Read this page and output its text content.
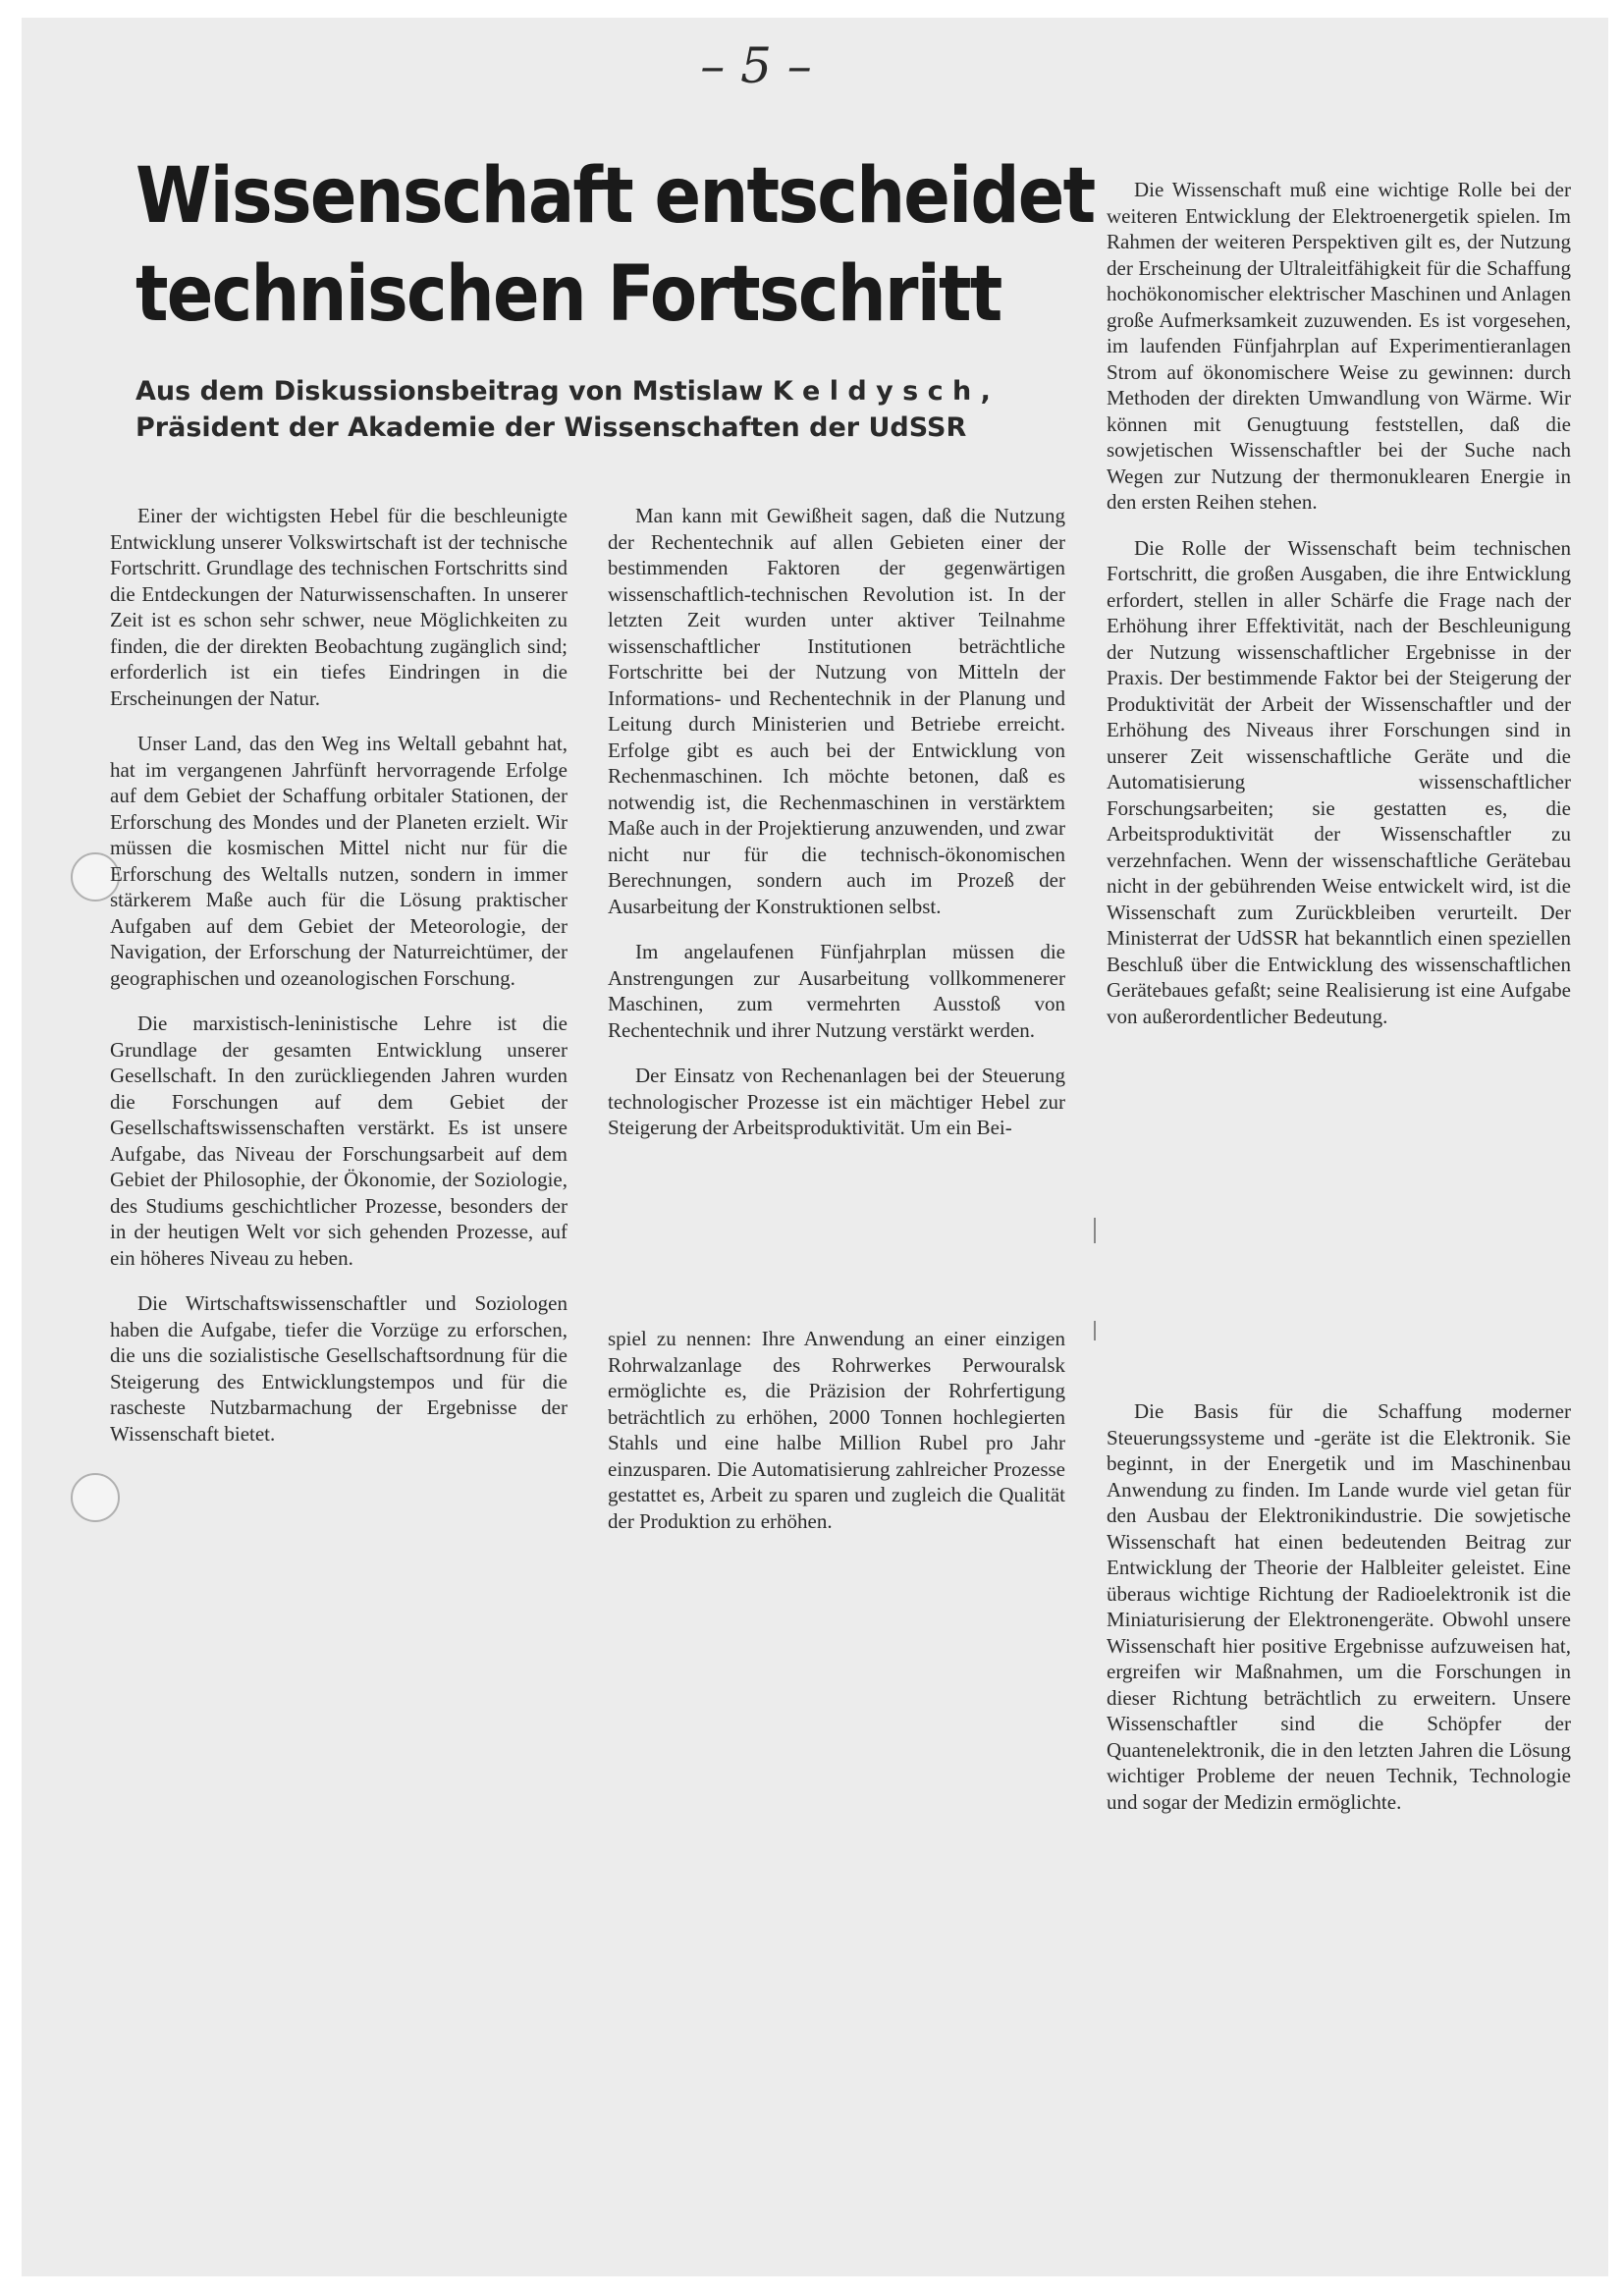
– 5 –
Wissenschaft entscheidet
technischen Fortschritt
Aus dem Diskussionsbeitrag von Mstislaw K e l d y s c h ,
Präsident der Akademie der Wissenschaften der UdSSR

Einer der wichtigsten Hebel für die beschleunigte Entwicklung unserer Volkswirtschaft ist der technische Fortschritt. Grundlage des technischen Fortschritts sind die Entdeckungen der Naturwissenschaften. In unserer Zeit ist es schon sehr schwer, neue Möglichkeiten zu finden, die der direkten Beobachtung zugänglich sind; erforderlich ist ein tiefes Eindringen in die Erscheinungen der Natur.

Unser Land, das den Weg ins Weltall gebahnt hat, hat im vergangenen Jahrfünft hervorragende Erfolge auf dem Gebiet der Schaffung orbitaler Stationen, der Erforschung des Mondes und der Planeten erzielt. Wir müssen die kosmischen Mittel nicht nur für die Erforschung des Weltalls nutzen, sondern in immer stärkerem Maße auch für die Lösung praktischer Aufgaben auf dem Gebiet der Meteorologie, der Navigation, der Erforschung der Naturreichtümer, der geographischen und ozeanologischen Forschung.

Die marxistisch-leninistische Lehre ist die Grundlage der gesamten Entwicklung unserer Gesellschaft. In den zurückliegenden Jahren wurden die Forschungen auf dem Gebiet der Gesellschaftswissenschaften verstärkt. Es ist unsere Aufgabe, das Niveau der Forschungsarbeit auf dem Gebiet der Philosophie, der Ökonomie, der Soziologie, des Studiums geschichtlicher Prozesse, besonders der in der heutigen Welt vor sich gehenden Prozesse, auf ein höheres Niveau zu heben.

Die Wirtschaftswissenschaftler und Soziologen haben die Aufgabe, tiefer die Vorzüge zu erforschen, die uns die sozialistische Gesellschaftsordnung für die Steigerung des Entwicklungstempos und für die rascheste Nutzbarmachung der Ergebnisse der Wissenschaft bietet.

Man kann mit Gewißheit sagen, daß die Nutzung der Rechentechnik auf allen Gebieten einer der bestimmenden Faktoren der gegenwärtigen wissenschaftlich-technischen Revolution ist. In der letzten Zeit wurden unter aktiver Teilnahme wissenschaftlicher Institutionen beträchtliche Fortschritte bei der Nutzung von Mitteln der Informations- und Rechentechnik in der Planung und Leitung durch Ministerien und Betriebe erreicht. Erfolge gibt es auch bei der Entwicklung von Rechenmaschinen. Ich möchte betonen, daß es notwendig ist, die Rechenmaschinen in verstärktem Maße auch in der Projektierung anzuwenden, und zwar nicht nur für die technisch-ökonomischen Berechnungen, sondern auch im Prozeß der Ausarbeitung der Konstruktionen selbst.

Im angelaufenen Fünfjahrplan müssen die Anstrengungen zur Ausarbeitung vollkommenerer Maschinen, zum vermehrten Ausstoß von Rechentechnik und ihrer Nutzung verstärkt werden.

Der Einsatz von Rechenanlagen bei der Steuerung technologischer Prozesse ist ein mächtiger Hebel zur Steigerung der Arbeitsproduktivität. Um ein Bei-

spiel zu nennen: Ihre Anwendung an einer einzigen Rohrwalzanlage des Rohrwerkes Perwouralsk ermöglichte es, die Präzision der Rohrfertigung beträchtlich zu erhöhen, 2000 Tonnen hochlegierten Stahls und eine halbe Million Rubel pro Jahr einzusparen. Die Automatisierung zahlreicher Prozesse gestattet es, Arbeit zu sparen und zugleich die Qualität der Produktion zu erhöhen.

Die Wissenschaft muß eine wichtige Rolle bei der weiteren Entwicklung der Elektroenergetik spielen. Im Rahmen der weiteren Perspektiven gilt es, der Nutzung der Erscheinung der Ultraleitfähigkeit für die Schaffung hochökonomischer elektrischer Maschinen und Anlagen große Aufmerksamkeit zuzuwenden. Es ist vorgesehen, im laufenden Fünfjahrplan auf Experimentieranlagen Strom auf ökonomischere Weise zu gewinnen: durch Methoden der direkten Umwandlung von Wärme. Wir können mit Genugtuung feststellen, daß die sowjetischen Wissenschaftler bei der Suche nach Wegen zur Nutzung der thermonuklearen Energie in den ersten Reihen stehen.

Die Rolle der Wissenschaft beim technischen Fortschritt, die großen Ausgaben, die ihre Entwicklung erfordert, stellen in aller Schärfe die Frage nach der Erhöhung ihrer Effektivität, nach der Beschleunigung der Nutzung wissenschaftlicher Ergebnisse in der Praxis. Der bestimmende Faktor bei der Steigerung der Produktivität der Arbeit der Wissenschaftler und der Erhöhung des Niveaus ihrer Forschungen sind in unserer Zeit wissenschaftliche Geräte und die Automatisierung wissenschaftlicher Forschungsarbeiten; sie gestatten es, die Arbeitsproduktivität der Wissenschaftler zu verzehnfachen. Wenn der wissenschaftliche Gerätebau nicht in der gebührenden Weise entwickelt wird, ist die Wissenschaft zum Zurückbleiben verurteilt. Der Ministerrat der UdSSR hat bekanntlich einen speziellen Beschluß über die Entwicklung des wissenschaftlichen Gerätebaues gefaßt; seine Realisierung ist eine Aufgabe von außerordentlicher Bedeutung.

Die Basis für die Schaffung moderner Steuerungssysteme und -geräte ist die Elektronik. Sie beginnt, in der Energetik und im Maschinenbau Anwendung zu finden. Im Lande wurde viel getan für den Ausbau der Elektronikindustrie. Die sowjetische Wissenschaft hat einen bedeutenden Beitrag zur Entwicklung der Theorie der Halbleiter geleistet. Eine überaus wichtige Richtung der Radioelektronik ist die Miniaturisierung der Elektronengeräte. Obwohl unsere Wissenschaft hier positive Ergebnisse aufzuweisen hat, ergreifen wir Maßnahmen, um die Forschungen in dieser Richtung beträchtlich zu erweitern. Unsere Wissenschaftler sind die Schöpfer der Quantenelektronik, die in den letzten Jahren die Lösung wichtiger Probleme der neuen Technik, Technologie und sogar der Medizin ermöglichte.
